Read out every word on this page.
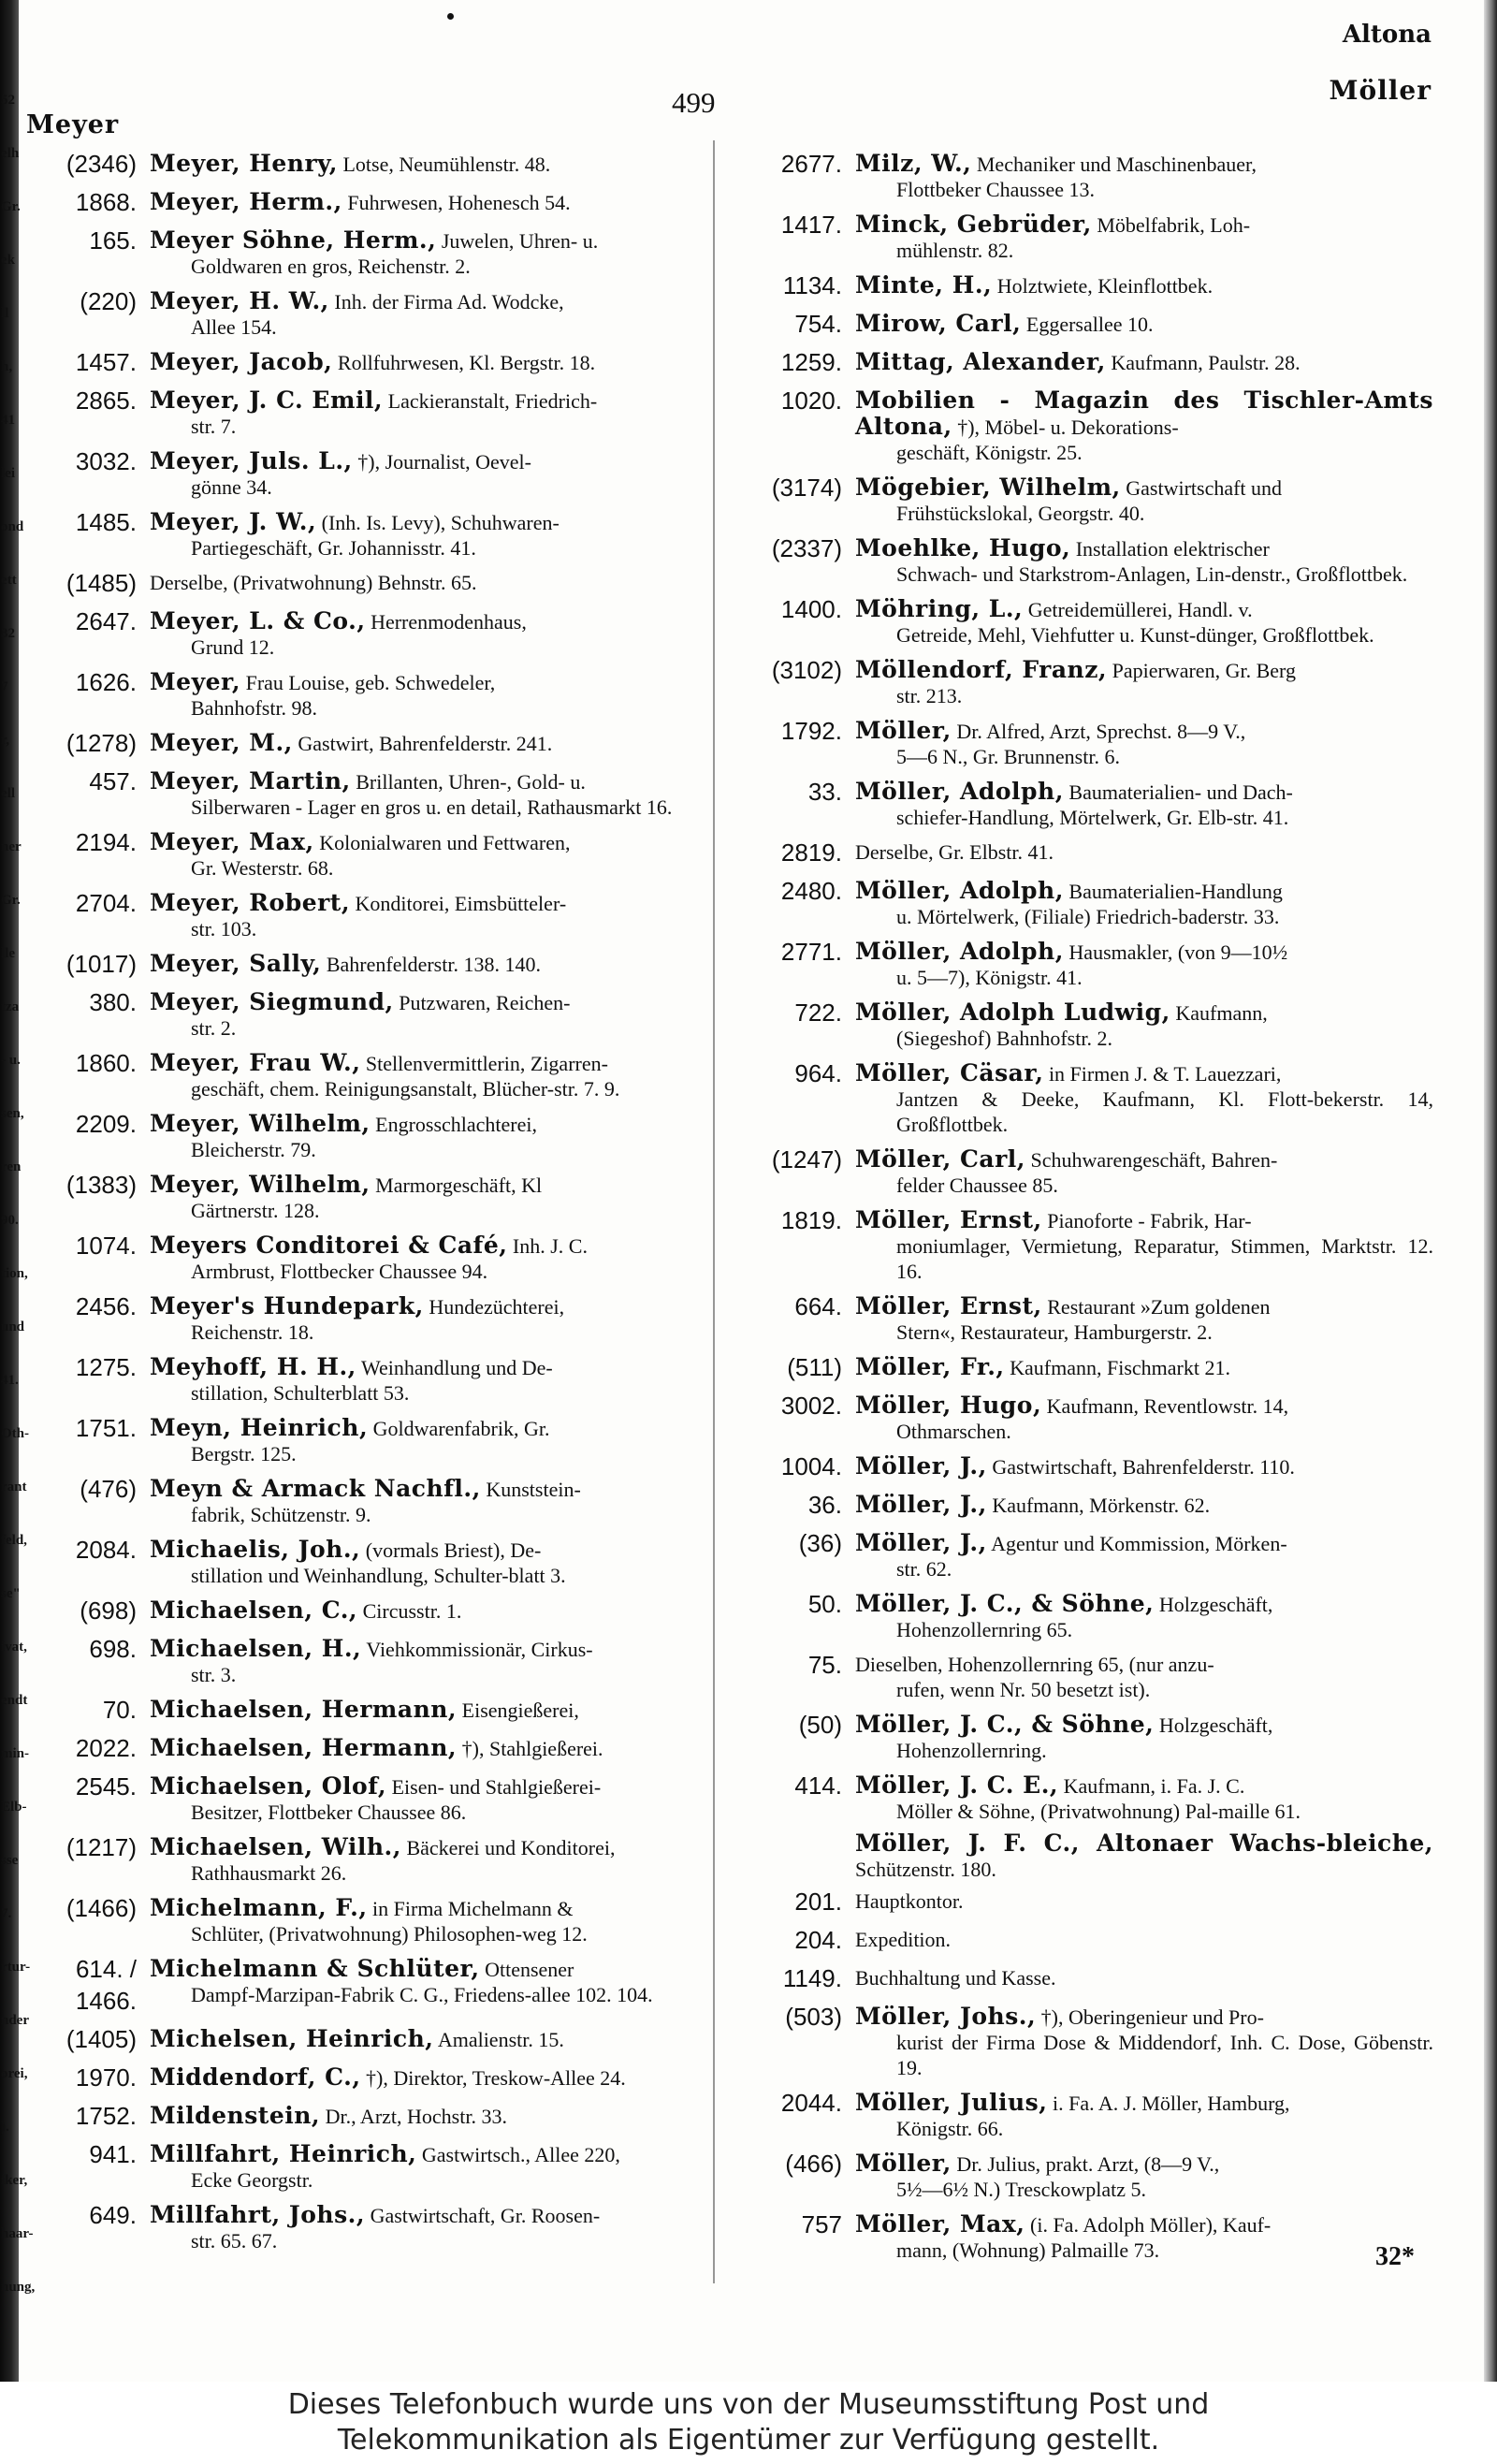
52
elh
Gr.
ek
ll
h,
41
lei
ond
ett
32
7
r,
ell
ner
Gr.
lle
tza
- u.
sen,
ren
90.
tion,
und
41.
Oth-
rant
feld,
se"
ivat,
endt
min-
Elb-
sse
7.
rtur-
nder
orei,
).
iker,
haar-
nung,
Meyer
499
Altona
Möller
(2346) Meyer, Henry, Lotse, Neumühlenstr. 48.
1868. Meyer, Herm., Fuhrwesen, Hohenesch 54.
165. Meyer Söhne, Herm., Juwelen, Uhren- u.
Goldwaren en gros, Reichenstr. 2.
(220) Meyer, H. W., Inh. der Firma Ad. Wodcke,
Allee 154.
1457. Meyer, Jacob, Rollfuhrwesen, Kl. Bergstr. 18.
2865. Meyer, J. C. Emil, Lackieranstalt, Friedrich-
str. 7.
3032. Meyer, Juls. L., †), Journalist, Oevel-
gönne 34.
1485. Meyer, J. W., (Inh. Is. Levy), Schuhwaren-
Partiegeschäft, Gr. Johannisstr. 41.
(1485) Derselbe, (Privatwohnung) Behnstr. 65.
2647. Meyer, L. & Co., Herrenmodenhaus,
Grund 12.
1626. Meyer, Frau Louise, geb. Schwedeler,
Bahnhofstr. 98.
(1278) Meyer, M., Gastwirt, Bahrenfelderstr. 241.
457. Meyer, Martin, Brillanten, Uhren-, Gold- u.
Silberwaren - Lager en gros u. en detail, Rathausmarkt 16.
2194. Meyer, Max, Kolonialwaren und Fettwaren,
Gr. Westerstr. 68.
2704. Meyer, Robert, Konditorei, Eimsbütteler-
str. 103.
(1017) Meyer, Sally, Bahrenfelderstr. 138. 140.
380. Meyer, Siegmund, Putzwaren, Reichen-
str. 2.
1860. Meyer, Frau W., Stellenvermittlerin, Zigarren-
geschäft, chem. Reinigungsanstalt, Blücher-str. 7. 9.
2209. Meyer, Wilhelm, Engrosschlachterei,
Bleicherstr. 79.
(1383) Meyer, Wilhelm, Marmorgeschäft, Kl
Gärtnerstr. 128.
1074. Meyers Conditorei & Café, Inh. J. C.
Armbrust, Flottbecker Chaussee 94.
2456. Meyer's Hundepark, Hundezüchterei,
Reichenstr. 18.
1275. Meyhoff, H. H., Weinhandlung und De-
stillation, Schulterblatt 53.
1751. Meyn, Heinrich, Goldwarenfabrik, Gr.
Bergstr. 125.
(476) Meyn & Armack Nachfl., Kunststein-
fabrik, Schützenstr. 9.
2084. Michaelis, Joh., (vormals Briest), De-
stillation und Weinhandlung, Schulter-blatt 3.
(698) Michaelsen, C., Circusstr. 1.
698. Michaelsen, H., Viehkommissionär, Cirkus-
str. 3.
70. Michaelsen, Hermann, Eisengießerei,
2022. Michaelsen, Hermann, †), Stahlgießerei.
2545. Michaelsen, Olof, Eisen- und Stahlgießerei-
Besitzer, Flottbeker Chaussee 86.
(1217) Michaelsen, Wilh., Bäckerei und Konditorei,
Rathhausmarkt 26.
(1466) Michelmann, F., in Firma Michelmann &
Schlüter, (Privatwohnung) Philosophen-weg 12.
614. / 1466.
Michelmann & Schlüter, Ottensener
Dampf-Marzipan-Fabrik C. G., Friedens-allee 102. 104.
(1405) Michelsen, Heinrich, Amalienstr. 15.
1970. Middendorf, C., †), Direktor, Treskow-Allee 24.
1752. Mildenstein, Dr., Arzt, Hochstr. 33.
941. Millfahrt, Heinrich, Gastwirtsch., Allee 220,
Ecke Georgstr.
649. Millfahrt, Johs., Gastwirtschaft, Gr. Roosen-
str. 65. 67.
2677. Milz, W., Mechaniker und Maschinenbauer,
Flottbeker Chaussee 13.
1417. Minck, Gebrüder, Möbelfabrik, Loh-
mühlenstr. 82.
1134. Minte, H., Holztwiete, Kleinflottbek.
754. Mirow, Carl, Eggersallee 10.
1259. Mittag, Alexander, Kaufmann, Paulstr. 28.
1020. Mobilien - Magazin des Tischler-Amts Altona, †), Möbel- u. Dekorations-
geschäft, Königstr. 25.
(3174) Mögebier, Wilhelm, Gastwirtschaft und
Frühstückslokal, Georgstr. 40.
(2337) Moehlke, Hugo, Installation elektrischer
Schwach- und Starkstrom-Anlagen, Lin-denstr., Großflottbek.
1400. Möhring, L., Getreidemüllerei, Handl. v.
Getreide, Mehl, Viehfutter u. Kunst-dünger, Großflottbek.
(3102) Möllendorf, Franz, Papierwaren, Gr. Berg
str. 213.
1792. Möller, Dr. Alfred, Arzt, Sprechst. 8—9 V.,
5—6 N., Gr. Brunnenstr. 6.
33. Möller, Adolph, Baumaterialien- und Dach-
schiefer-Handlung, Mörtelwerk, Gr. Elb-str. 41.
2819. Derselbe, Gr. Elbstr. 41.
2480. Möller, Adolph, Baumaterialien-Handlung
u. Mörtelwerk, (Filiale) Friedrich-baderstr. 33.
2771. Möller, Adolph, Hausmakler, (von 9—10½
u. 5—7), Königstr. 41.
722. Möller, Adolph Ludwig, Kaufmann,
(Siegeshof) Bahnhofstr. 2.
964. Möller, Cäsar, in Firmen J. & T. Lauezzari,
Jantzen & Deeke, Kaufmann, Kl. Flott-bekerstr. 14, Großflottbek.
(1247) Möller, Carl, Schuhwarengeschäft, Bahren-
felder Chaussee 85.
1819. Möller, Ernst, Pianoforte - Fabrik, Har-
moniumlager, Vermietung, Reparatur, Stimmen, Marktstr. 12. 16.
664. Möller, Ernst, Restaurant »Zum goldenen
Stern«, Restaurateur, Hamburgerstr. 2.
(511) Möller, Fr., Kaufmann, Fischmarkt 21.
3002. Möller, Hugo, Kaufmann, Reventlowstr. 14,
Othmarschen.
1004. Möller, J., Gastwirtschaft, Bahrenfelderstr. 110.
36. Möller, J., Kaufmann, Mörkenstr. 62.
(36) Möller, J., Agentur und Kommission, Mörken-
str. 62.
50. Möller, J. C., & Söhne, Holzgeschäft,
Hohenzollernring 65.
75. Dieselben, Hohenzollernring 65, (nur anzu-
rufen, wenn Nr. 50 besetzt ist).
(50) Möller, J. C., & Söhne, Holzgeschäft,
Hohenzollernring.
414. Möller, J. C. E., Kaufmann, i. Fa. J. C.
Möller & Söhne, (Privatwohnung) Pal-maille 61.
Möller, J. F. C., Altonaer Wachs-bleiche, Schützenstr. 180.
201. Hauptkontor.
204. Expedition.
1149. Buchhaltung und Kasse.
(503) Möller, Johs., †), Oberingenieur und Pro-
kurist der Firma Dose & Middendorf, Inh. C. Dose, Göbenstr. 19.
2044. Möller, Julius, i. Fa. A. J. Möller, Hamburg,
Königstr. 66.
(466) Möller, Dr. Julius, prakt. Arzt, (8—9 V.,
5½—6½ N.) Tresckowplatz 5.
757 Möller, Max, (i. Fa. Adolph Möller), Kauf-
mann, (Wohnung) Palmaille 73.	32*
Dieses Telefonbuch wurde uns von der Museumsstiftung Post und
Telekommunikation als Eigentümer zur Verfügung gestellt.
